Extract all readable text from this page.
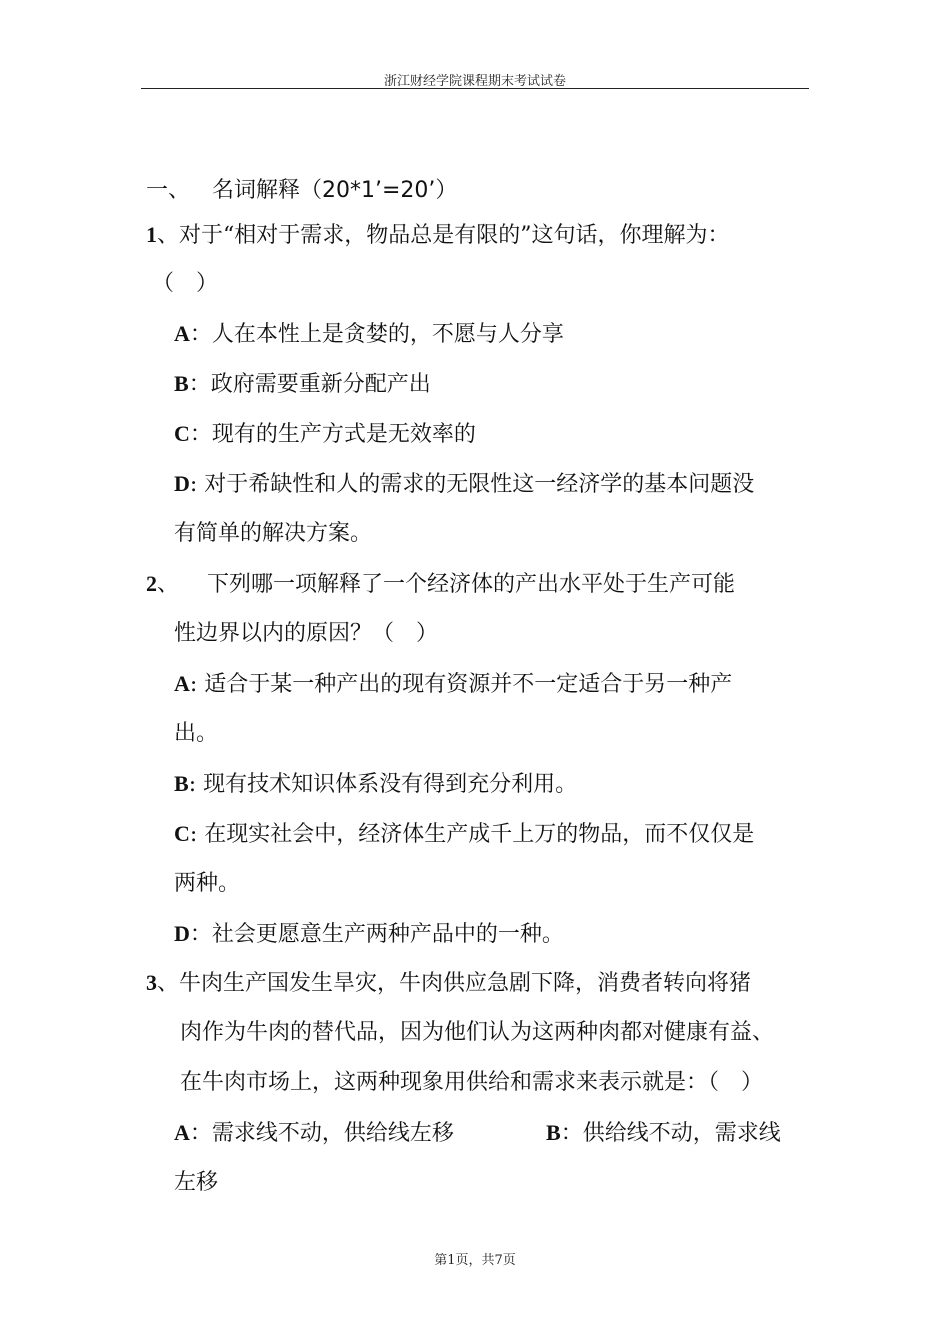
浙江财经学院课程期末考试试卷
一、 名词解释（20*1’=20’）
1、对于“相对于需求，物品总是有限的”这句话，你理解为：
（　）
A：人在本性上是贪婪的，不愿与人分享
B：政府需要重新分配产出
C：现有的生产方式是无效率的
D: 对于希缺性和人的需求的无限性这一经济学的基本问题没
有简单的解决方案。
2、 下列哪一项解释了一个经济体的产出水平处于生产可能
性边界以内的原因？（　）
A: 适合于某一种产出的现有资源并不一定适合于另一种产
出。
B: 现有技术知识体系没有得到充分利用。
C: 在现实社会中，经济体生产成千上万的物品，而不仅仅是
两种。
D：社会更愿意生产两种产品中的一种。
3、牛肉生产国发生旱灾，牛肉供应急剧下降，消费者转向将猪
肉作为牛肉的替代品，因为他们认为这两种肉都对健康有益、
在牛肉市场上，这两种现象用供给和需求来表示就是：（　）
A：需求线不动，供给线左移	B：供给线不动，需求线
左移
第1页，共7页
